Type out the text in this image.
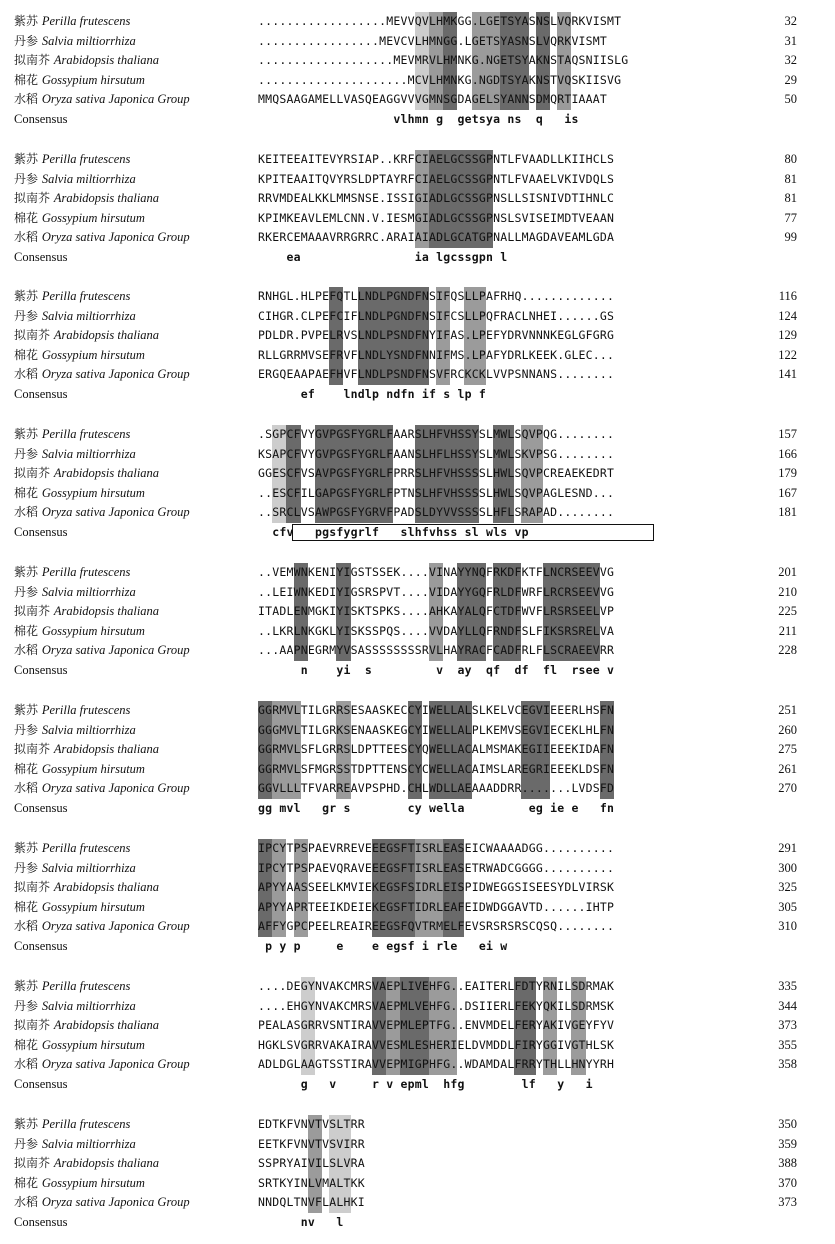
紫苏 Perilla frutescens	..................MEVVQVLHMKGG.LGETSYASNSLVQRKVISMT	32
丹参 Salvia miltiorrhiza	.................MEVCVLHMNGG.LGETSYASNSLVQRKVISMT	31
拟南芥 Arabidopsis thaliana	...................MEVMRVLHMNKG.NGETSYAKNSTAQSNIISLG	32
棉花 Gossypium hirsutum	.....................MCVLHMNKG.NGDTSYAKNSTVQSKIISVG	29
水稻 Oryza sativa Japonica Group	MMQSAAGAMELLVASQEAGGVVVGMNSGDAGELSYANNSDMQRTIAAAT	50
Consensus	vlhmn g  getsya ns  q   is
紫苏 Perilla frutescens	KEITEEAITEVYRSIAP..KRFCIAELGCSSGPNTLFVAADLLKIIHCLS	80
丹参 Salvia miltiorrhiza	KPITEAAITQVYRSLDPTAYRFCIAELGCSSGPNTLFVAAELVKIVDQLS	81
拟南芥 Arabidopsis thaliana	RRVMDEALKKLMMSNSE.ISSIGIADLGCSSGPNSLLSISNIVDTIHNLC	81
棉花 Gossypium hirsutum	KPIMKEAVLEMLCNN.V.IESMGIADLGCSSGPNSLSVISEIMDTVEAAN	77
水稻 Oryza sativa Japonica Group	RKERCEMAAAVRRGRRC.ARAIAIADLGCATGPNALLMAGDAVEAMLGDA	99
Consensus	ea                ia lgcssgpn l
紫苏 Perilla frutescens	RNHGL.HLPEFQTLLNDLPGNDFNSIFQSLLPAFRHQ.............	116
丹参 Salvia miltiorrhiza	CIHGR.CLPEFCIFLNDLPGNDFNSIFCSLLPQFRACLNHEI......GS	124
拟南芥 Arabidopsis thaliana	PDLDR.PVPELRVSLNDLPSNDFNYIFAS.LPEFYDRVNNNKEGLGFGRG	129
棉花 Gossypium hirsutum	RLLGRRMVSEFRVFLNDLYSNDFNNIFMS.LPAFYDRLKEEK.GLEC...	122
水稻 Oryza sativa Japonica Group	ERGQEAAPAEFHVFLNDLPSNDFNSVFRCKCKLVVPSNNANS........	141
Consensus	ef    lndlp ndfn if s lp f
紫苏 Perilla frutescens	.SGPCFVYGVPGSFYGRLFAARSLHFVHSSYSLMWLSQVPQG........	157
丹参 Salvia miltiorrhiza	KSAPCFVYGVPGSFYGRLFAANSLHFLHSSYSLMWLSKVPSG........	166
拟南芥 Arabidopsis thaliana	GGESCFVSAVPGSFYGRLFPRRSLHFVHSSSSLHWLSQVPCREAEKEDRT	179
棉花 Gossypium hirsutum	..ESCFILGAPGSFYGRLFPTNSLHFVHSSSSLHWLSQVPAGLESND...	167
水稻 Oryza sativa Japonica Group	..SRCLVSAWPGSFYGRVFPADSLDYVVSSSSLHFLSRAPAD........	181
Consensus	cfv   pgsfygrlf   slhfvhss sl wls vp
紫苏 Perilla frutescens	..VEMWNKENIYIGSTSSEK....VINAYYNQFRKDFKTFLNCRSEEVVG	201
丹参 Salvia miltiorrhiza	..LEIWNKEDIYIGSRSPVT....VIDAYYGQFRLDFWRFLRCRSEEVVG	210
拟南芥 Arabidopsis thaliana	ITADLENMGKIYISKTSPKS....AHKAYALQFCTDFWVFLRSRSEELVP	225
棉花 Gossypium hirsutum	..LKRLNKGKLYISKSSPQS....VVDAYLLQFRNDFSLFIKSRSRELVA	211
水稻 Oryza sativa Japonica Group	...AAPNEGRMYVSASSSSSSSSRVLHAYRACFCADFRLFLSCRAEEVRR	228
Consensus	n    yi  s         v  ay  qf  df  fl  rsee v
紫苏 Perilla frutescens	GGRMVLTILGRRSESAASKECCYIWELLALSLKELVCEGVIEEERLHSFN	251
丹参 Salvia miltiorrhiza	GGGMVLTILGRKSENAASKEGCYIWELLALPLKEMVSEGVIECEKLHLFN	260
拟南芥 Arabidopsis thaliana	GGRMVLSFLGRRSLDPTTEESCYQWELLACALMSMAKEGIIEEEKIDAFN	275
棉花 Gossypium hirsutum	GGRMVLSFMGRSSTDPTTENSCYCWELLACAIMSLAREGRIEEEKLDSFN	261
水稻 Oryza sativa Japonica Group	GGVLLLTFVARREAVPSPHD.CHLWDLLAEAAADDRR.......LVDSFD	270
Consensus	gg mvl   gr s        cy wella         eg ie e   fn
紫苏 Perilla frutescens	IPCYTPSPAEVRREVEEEGSFTISRLEASEICWAAAADGG..........	291
丹参 Salvia miltiorrhiza	IPCYTPSPAEVQRAVEEEGSFTISRLEASETRWADCGGGG..........	300
拟南芥 Arabidopsis thaliana	APYYAASSEELKMVIEKEGSFSIDRLEISPIDWEGGSISEESYDLVIRSK	325
棉花 Gossypium hirsutum	APYYAPRTEEIKDEIEKEGSFTIDRLEAFEIDWDGGAVTD......IHTP	305
水稻 Oryza sativa Japonica Group	AFFYGPCPEELREAIREEGSFQVTRMELFEVSRSRSRSCQSQ........	310
Consensus	p y p     e    e egsf i rle   ei w
紫苏 Perilla frutescens	....DEGYNVAKCMRSVAEPLIVEHFG..EAITERLFDTYRNILSDRMAK	335
丹参 Salvia miltiorrhiza	....EHGYNVAKCMRSVAEPMLVEHFG..DSIIERLFEKYQKILSDRMSK	344
拟南芥 Arabidopsis thaliana	PEALASGRRVSNTIRAVVEPMLEPTFG..ENVMDELFERYAKIVGEYFYV	373
棉花 Gossypium hirsutum	HGKLSVGRRVAKAIRAVVESMLESHERIELDVMDDLFIRYGGIVGTHLSK	355
水稻 Oryza sativa Japonica Group	ADLDGLAAGTSSTIRAVVEPMIGPHFG..WDAMDALFRRYTHLLHNYYRH	358
Consensus	g   v     r v epml  hfg        lf   y   i
紫苏 Perilla frutescens	EDTKFVNVTVSLTRR	350
丹参 Salvia miltiorrhiza	EETKFVNVTVSVIRR	359
拟南芥 Arabidopsis thaliana	SSPRYAIVILSLVRA	388
棉花 Gossypium hirsutum	SRTKYINLVMALTKK	370
水稻 Oryza sativa Japonica Group	NNDQLTNVFLALHKI	373
Consensus	nv   l
